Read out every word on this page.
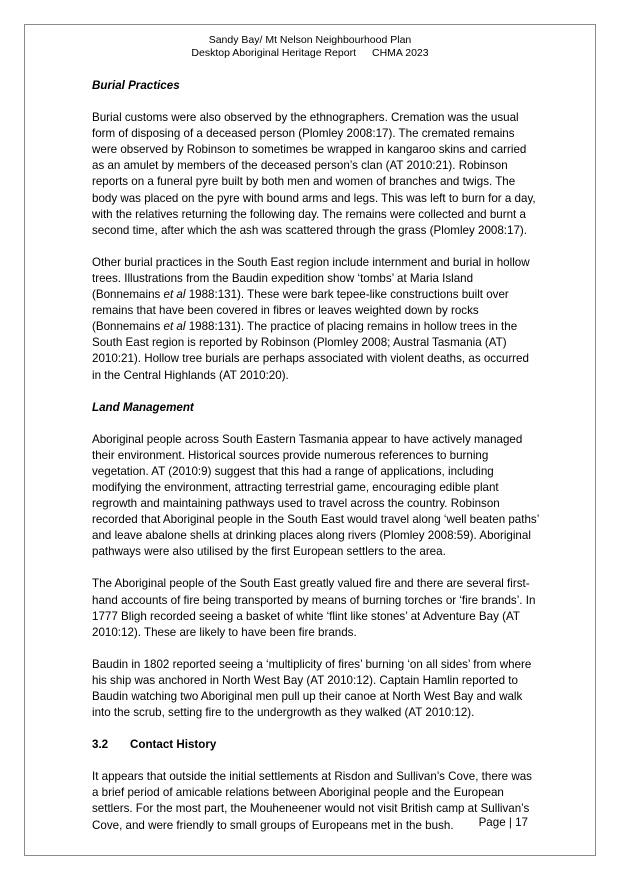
Sandy Bay/ Mt Nelson Neighbourhood Plan
Desktop Aboriginal Heritage Report CHMA 2023

Burial Practices

Burial customs were also observed by the ethnographers. Cremation was the usual form of disposing of a deceased person (Plomley 2008:17). The cremated remains were observed by Robinson to sometimes be wrapped in kangaroo skins and carried as an amulet by members of the deceased person’s clan (AT 2010:21). Robinson reports on a funeral pyre built by both men and women of branches and twigs. The body was placed on the pyre with bound arms and legs. This was left to burn for a day, with the relatives returning the following day. The remains were collected and burnt a second time, after which the ash was scattered through the grass (Plomley 2008:17).

Other burial practices in the South East region include internment and burial in hollow trees. Illustrations from the Baudin expedition show ‘tombs’ at Maria Island (Bonnemains et al 1988:131). These were bark tepee-like constructions built over remains that have been covered in fibres or leaves weighted down by rocks (Bonnemains et al 1988:131). The practice of placing remains in hollow trees in the South East region is reported by Robinson (Plomley 2008; Austral Tasmania (AT) 2010:21). Hollow tree burials are perhaps associated with violent deaths, as occurred in the Central Highlands (AT 2010:20).

Land Management

Aboriginal people across South Eastern Tasmania appear to have actively managed their environment. Historical sources provide numerous references to burning vegetation. AT (2010:9) suggest that this had a range of applications, including modifying the environment, attracting terrestrial game, encouraging edible plant regrowth and maintaining pathways used to travel across the country. Robinson recorded that Aboriginal people in the South East would travel along ‘well beaten paths’ and leave abalone shells at drinking places along rivers (Plomley 2008:59). Aboriginal pathways were also utilised by the first European settlers to the area.

The Aboriginal people of the South East greatly valued fire and there are several first-hand accounts of fire being transported by means of burning torches or ‘fire brands’. In 1777 Bligh recorded seeing a basket of white ‘flint like stones’ at Adventure Bay (AT 2010:12). These are likely to have been fire brands.

Baudin in 1802 reported seeing a ‘multiplicity of fires’ burning ‘on all sides’ from where his ship was anchored in North West Bay (AT 2010:12). Captain Hamlin reported to Baudin watching two Aboriginal men pull up their canoe at North West Bay and walk into the scrub, setting fire to the undergrowth as they walked (AT 2010:12).

3.2 Contact History

It appears that outside the initial settlements at Risdon and Sullivan’s Cove, there was a brief period of amicable relations between Aboriginal people and the European settlers. For the most part, the Mouheneener would not visit British camp at Sullivan’s Cove, and were friendly to small groups of Europeans met in the bush.	Page | 17
